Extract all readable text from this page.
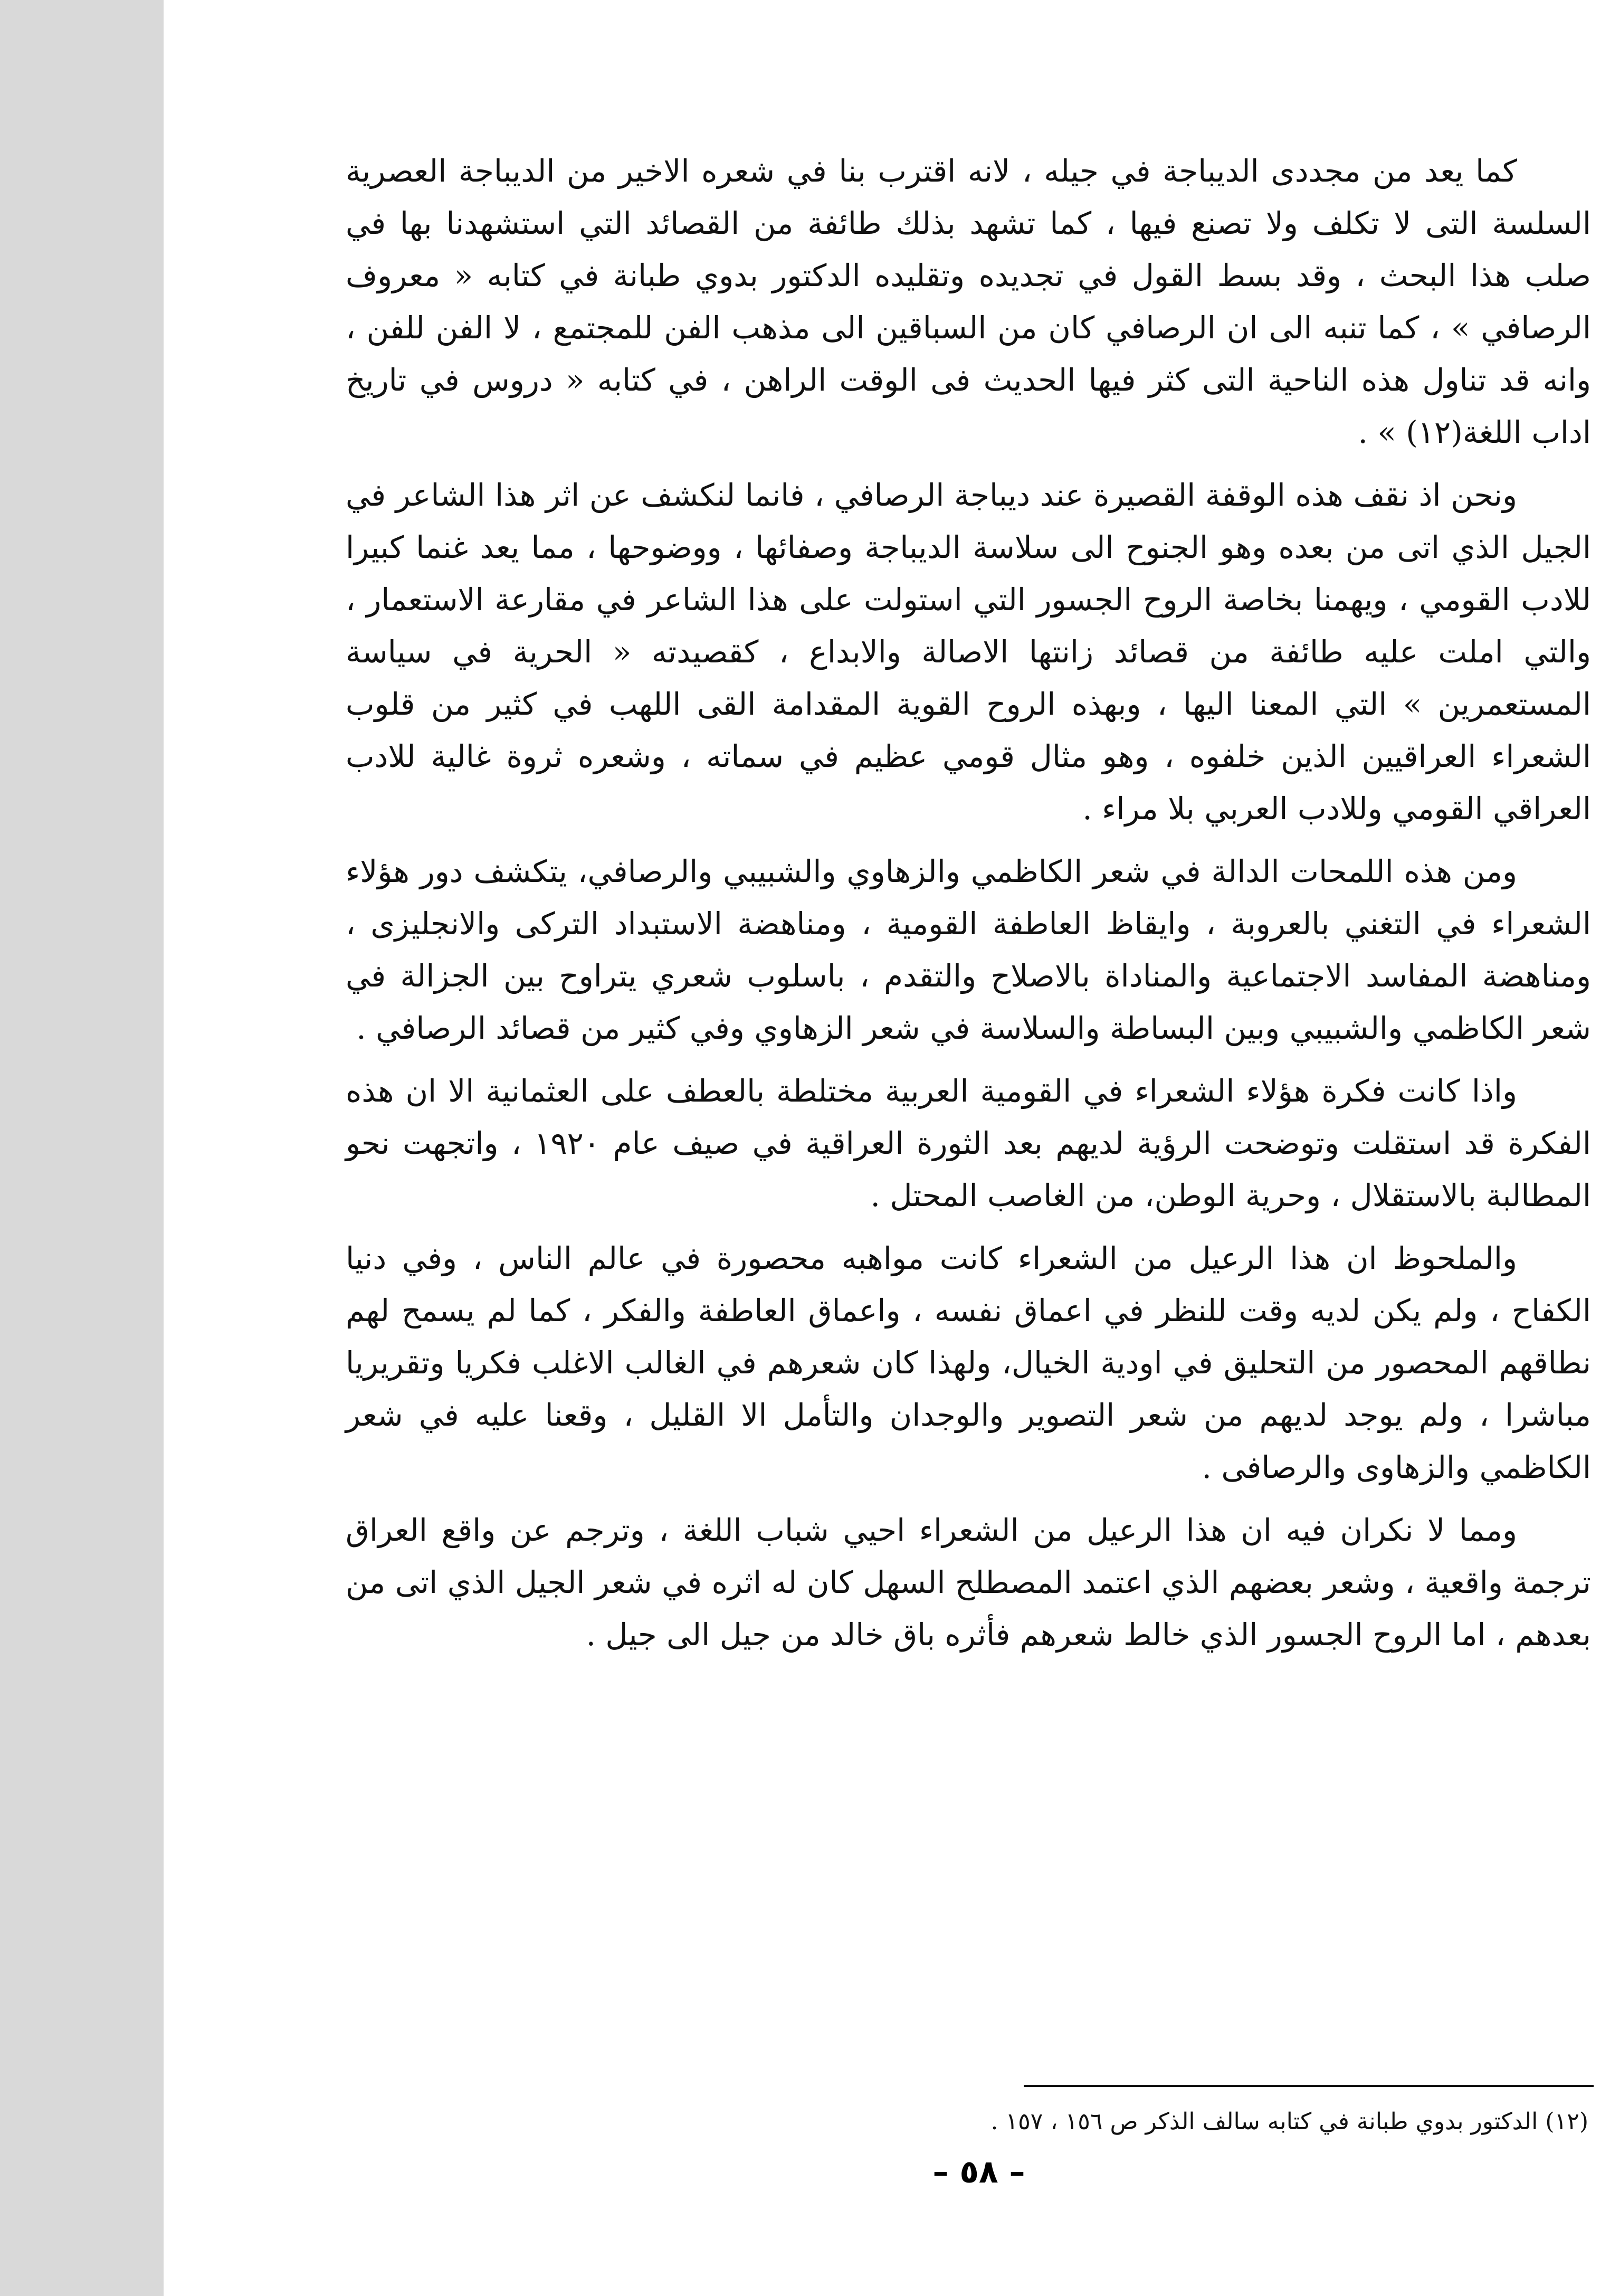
كما يعد من مجددى الديباجة في جيله ، لانه اقترب بنا في شعره الاخير من الديباجة العصرية السلسة التى لا تكلف ولا تصنع فيها ، كما تشهد بذلك طائفة من القصائد التي استشهدنا بها في صلب هذا البحث ، وقد بسط القول في تجديده وتقليده الدكتور بدوي طبانة في كتابه « معروف الرصافي » ، كما تنبه الى ان الرصافي كان من السباقين الى مذهب الفن للمجتمع ، لا الفن للفن ، وانه قد تناول هذه الناحية التى كثر فيها الحديث فى الوقت الراهن ، في كتابه « دروس في تاريخ اداب اللغة(١٢) » .

ونحن اذ نقف هذه الوقفة القصيرة عند ديباجة الرصافي ، فانما لنكشف عن اثر هذا الشاعر في الجيل الذي اتى من بعده وهو الجنوح الى سلاسة الديباجة وصفائها ، ووضوحها ، مما يعد غنما كبيرا للادب القومي ، ويهمنا بخاصة الروح الجسور التي استولت على هذا الشاعر في مقارعة الاستعمار ، والتي املت عليه طائفة من قصائد زانتها الاصالة والابداع ، كقصيدته « الحرية في سياسة المستعمرين » التي المعنا اليها ، وبهذه الروح القوية المقدامة القى اللهب في كثير من قلوب الشعراء العراقيين الذين خلفوه ، وهو مثال قومي عظيم في سماته ، وشعره ثروة غالية للادب العراقي القومي وللادب العربي بلا مراء .

ومن هذه اللمحات الدالة في شعر الكاظمي والزهاوي والشبيبي والرصافي، يتكشف دور هؤلاء الشعراء في التغني بالعروبة ، وايقاظ العاطفة القومية ، ومناهضة الاستبداد التركى والانجليزى ، ومناهضة المفاسد الاجتماعية والمناداة بالاصلاح والتقدم ، باسلوب شعري يتراوح بين الجزالة في شعر الكاظمي والشبيبي وبين البساطة والسلاسة في شعر الزهاوي وفي كثير من قصائد الرصافي .

واذا كانت فكرة هؤلاء الشعراء في القومية العربية مختلطة بالعطف على العثمانية الا ان هذه الفكرة قد استقلت وتوضحت الرؤية لديهم بعد الثورة العراقية في صيف عام ١٩٢٠ ، واتجهت نحو المطالبة بالاستقلال ، وحرية الوطن، من الغاصب المحتل .

والملحوظ ان هذا الرعيل من الشعراء كانت مواهبه محصورة في عالم الناس ، وفي دنيا الكفاح ، ولم يكن لديه وقت للنظر في اعماق نفسه ، واعماق العاطفة والفكر ، كما لم يسمح لهم نطاقهم المحصور من التحليق في اودية الخيال، ولهذا كان شعرهم في الغالب الاغلب فكريا وتقريريا مباشرا ، ولم يوجد لديهم من شعر التصوير والوجدان والتأمل الا القليل ، وقعنا عليه في شعر الكاظمي والزهاوى والرصافى .

ومما لا نكران فيه ان هذا الرعيل من الشعراء احيي شباب اللغة ، وترجم عن واقع العراق ترجمة واقعية ، وشعر بعضهم الذي اعتمد المصطلح السهل كان له اثره في شعر الجيل الذي اتى من بعدهم ، اما الروح الجسور الذي خالط شعرهم فأثره باق خالد من جيل الى جيل .

(١٢) الدكتور بدوي طبانة في كتابه سالف الذكر ص ١٥٦ ، ١٥٧ .
– ٥٨ –
